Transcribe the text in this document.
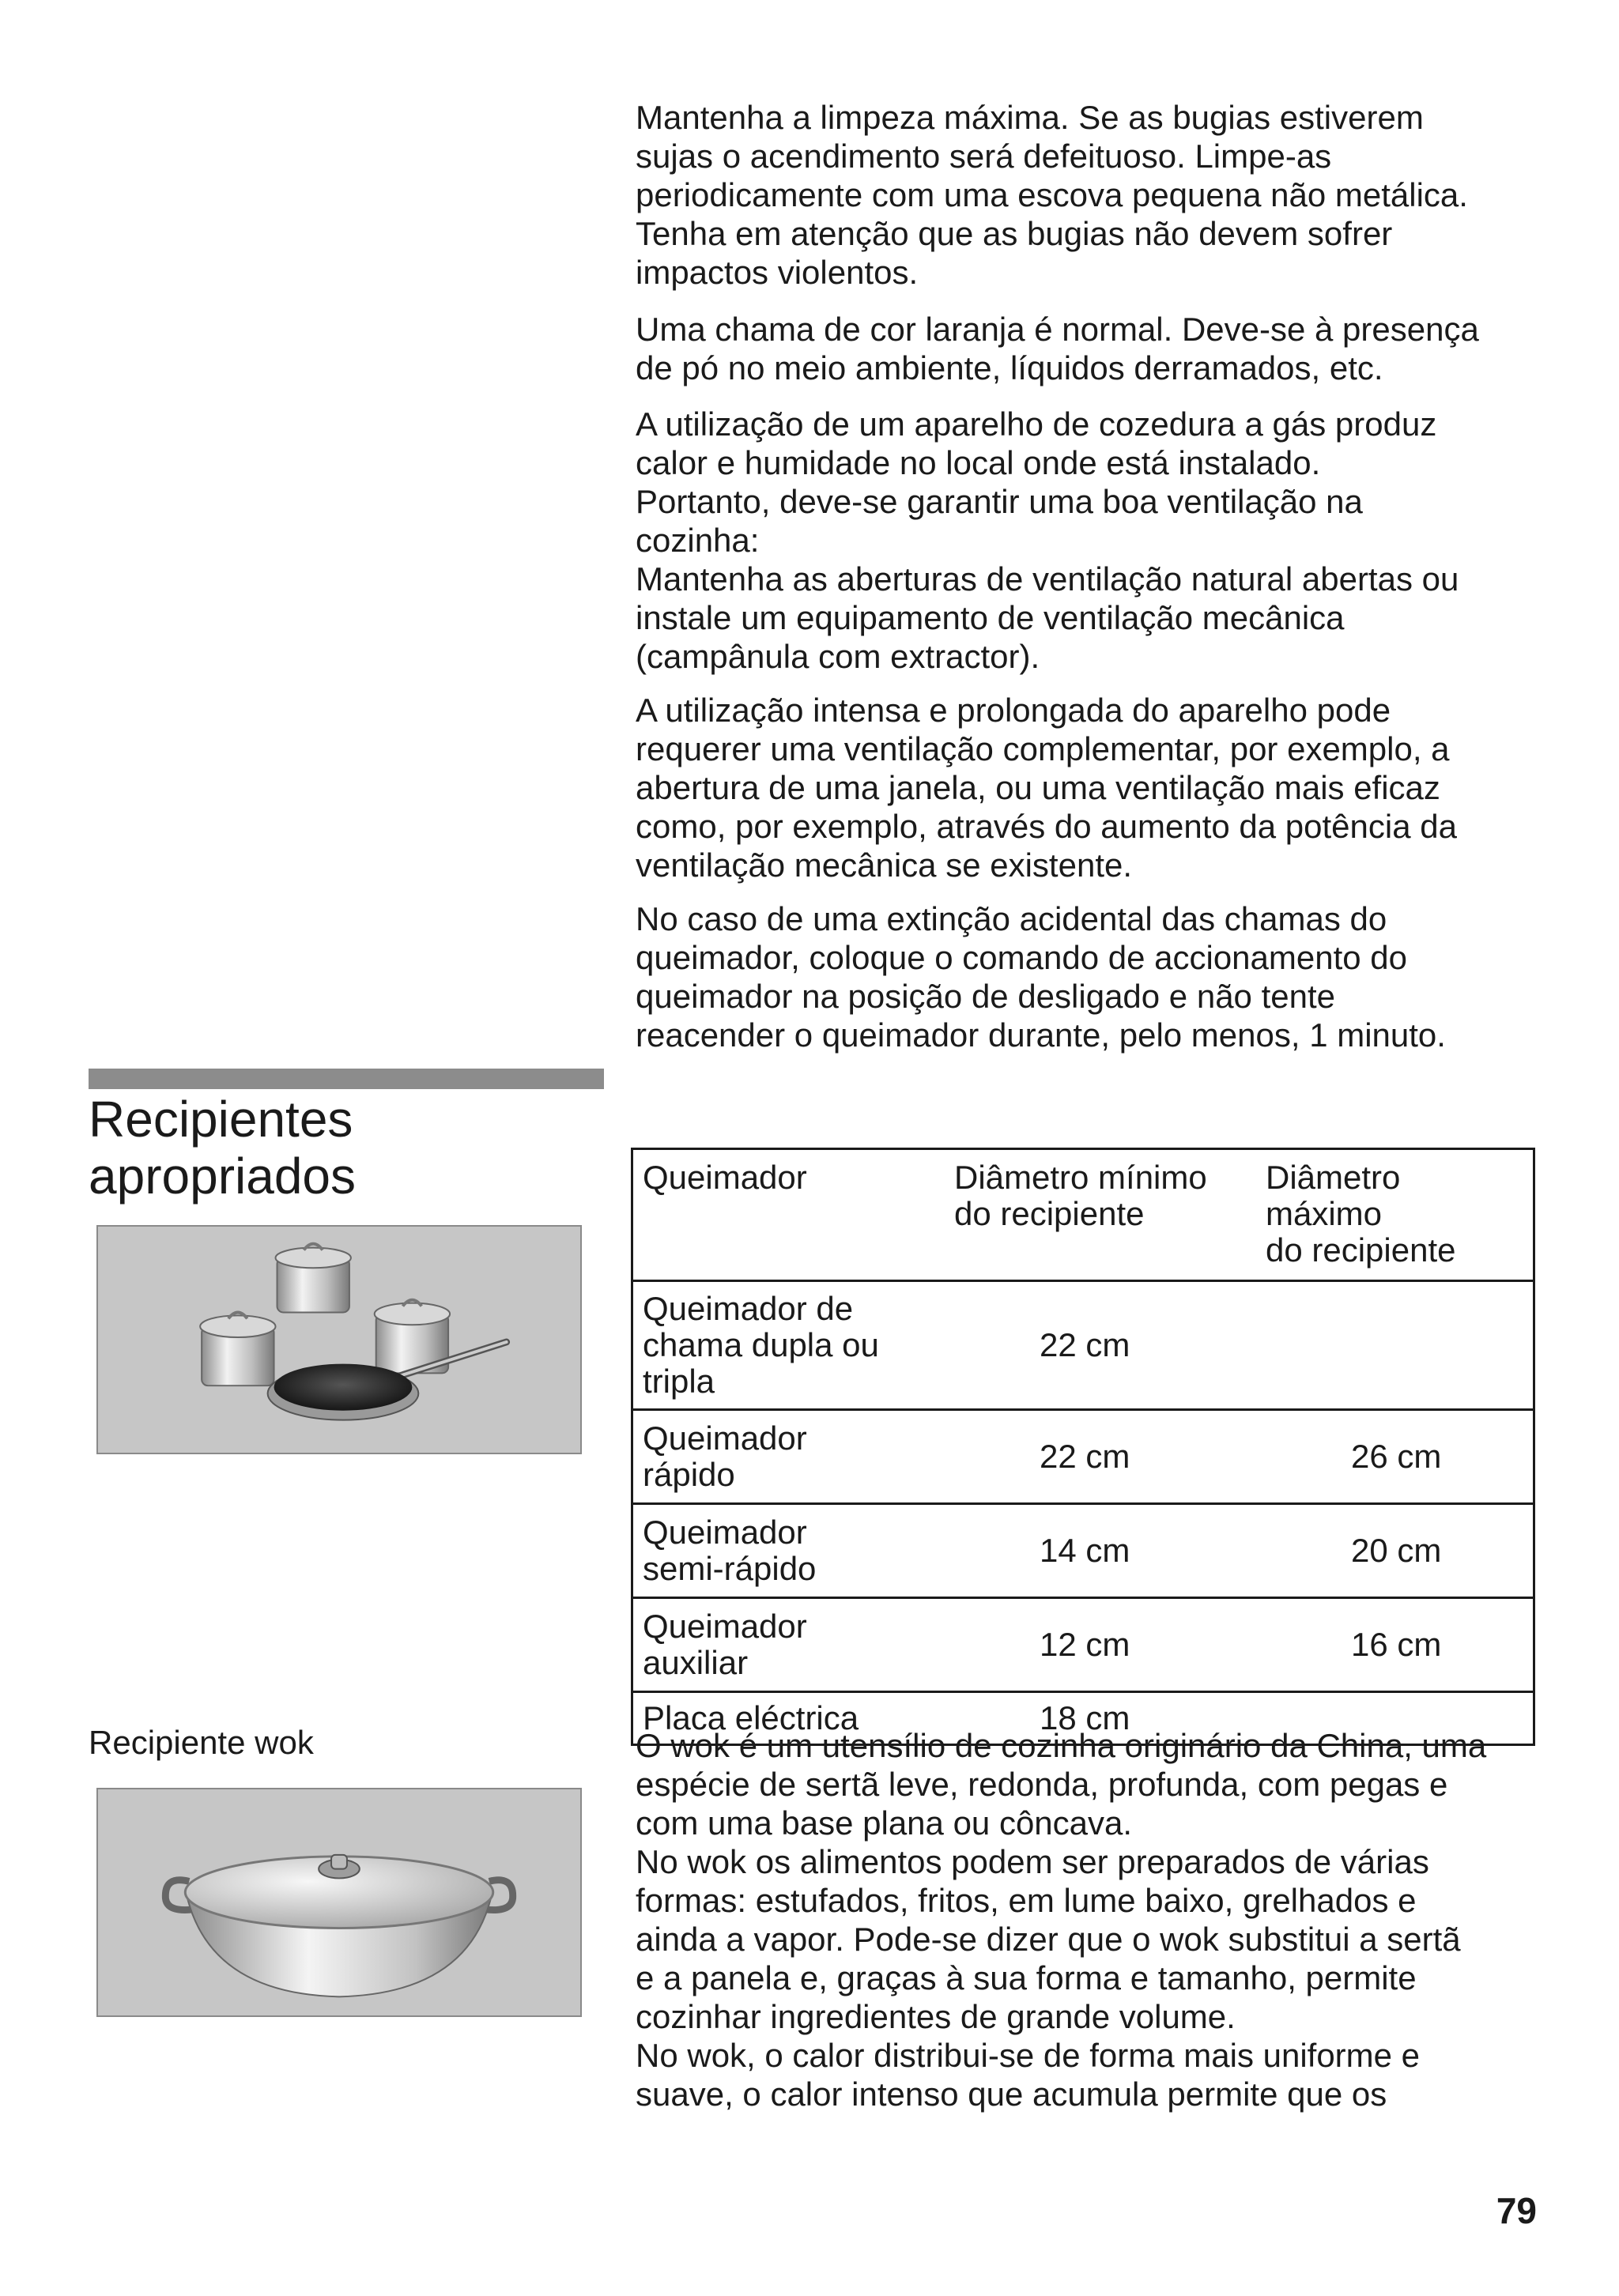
Mantenha a limpeza máxima. Se as bugias estiverem
sujas o acendimento será defeituoso. Limpe-as
periodicamente com uma escova pequena não metálica.
Tenha em atenção que as bugias não devem sofrer
impactos violentos.

Uma chama de cor laranja é normal. Deve-se à presença
de pó no meio ambiente, líquidos derramados, etc.

A utilização de um aparelho de cozedura a gás produz
calor e humidade no local onde está instalado.
Portanto, deve-se garantir uma boa ventilação na
cozinha:
Mantenha as aberturas de ventilação natural abertas ou
instale um equipamento de ventilação mecânica
(campânula com extractor).

A utilização intensa e prolongada do aparelho pode
requerer uma ventilação complementar, por exemplo, a
abertura de uma janela, ou uma ventilação mais eficaz
como, por exemplo, através do aumento da potência da
ventilação mecânica se existente.

No caso de uma extinção acidental das chamas do
queimador, coloque o comando de accionamento do
queimador na posição de desligado e não tente
reacender o queimador durante, pelo menos, 1 minuto.

Recipientes
apropriados	Queimador	Diâmetro mínimo
do recipiente	Diâmetro máximo
do recipiente
Queimador de
chama dupla ou
tripla	22 cm	
Queimador
rápido	22 cm	26 cm
Queimador
semi-rápido	14 cm	20 cm
Queimador
auxiliar	12 cm	16 cm
Placa eléctrica	18 cm	

Recipiente wok	O wok é um utensílio de cozinha originário da China, uma
espécie de sertã leve, redonda, profunda, com pegas e
com uma base plana ou côncava.
No wok os alimentos podem ser preparados de várias
formas: estufados, fritos, em lume baixo, grelhados e
ainda a vapor. Pode-se dizer que o wok substitui a sertã
e a panela e, graças à sua forma e tamanho, permite
cozinhar ingredientes de grande volume.
No wok, o calor distribui-se de forma mais uniforme e
suave, o calor intenso que acumula permite que os

79
